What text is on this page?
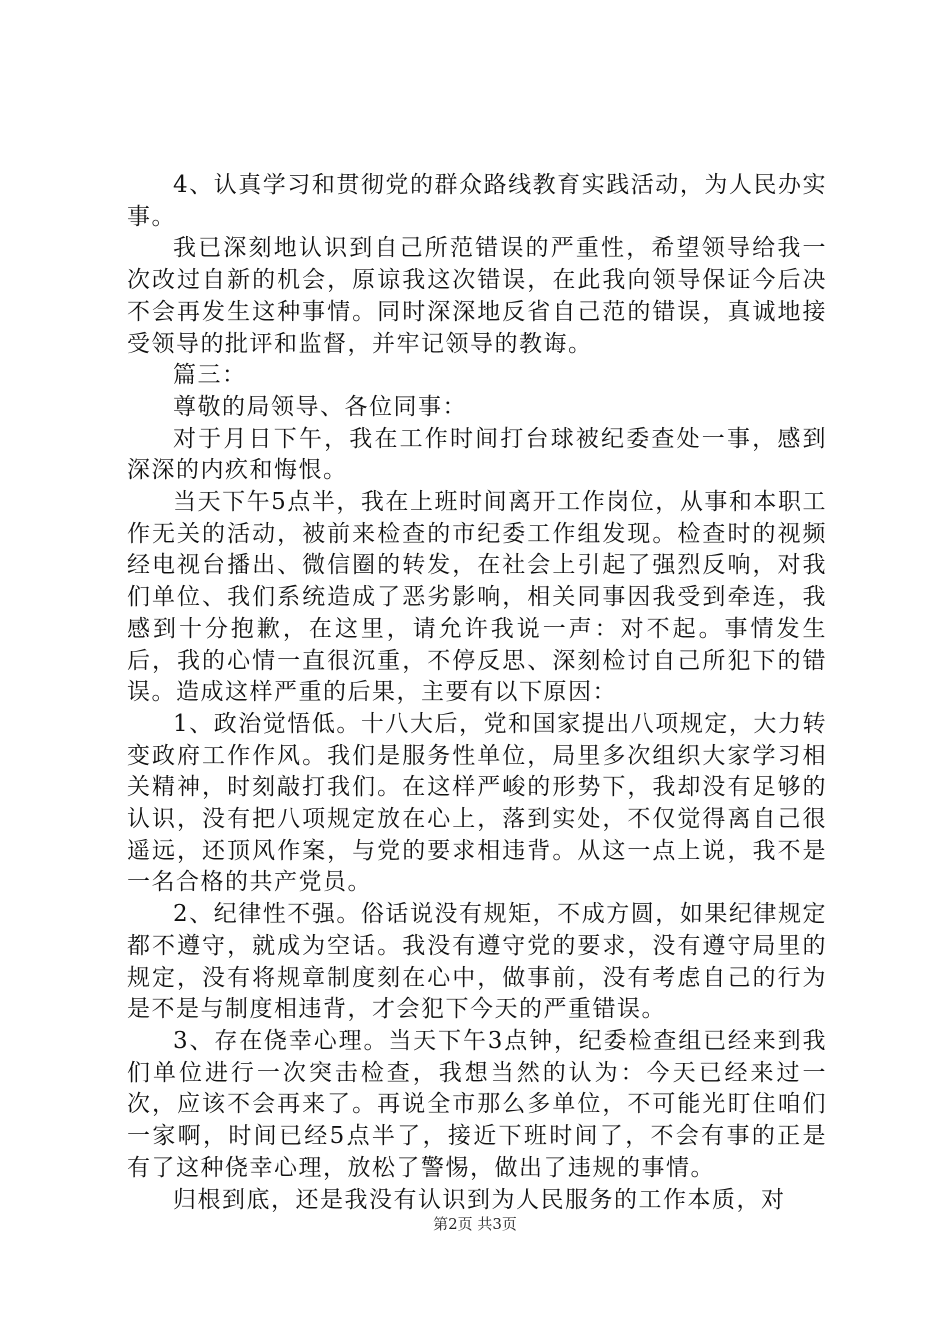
4、认真学习和贯彻党的群众路线教育实践活动，为人民办实事。

我已深刻地认识到自己所范错误的严重性，希望领导给我一次改过自新的机会，原谅我这次错误，在此我向领导保证今后决不会再发生这种事情。同时深深地反省自己范的错误，真诚地接受领导的批评和监督，并牢记领导的教诲。

篇三：

尊敬的局领导、各位同事：

对于月日下午，我在工作时间打台球被纪委查处一事，感到深深的内疚和悔恨。

当天下午5点半，我在上班时间离开工作岗位，从事和本职工作无关的活动，被前来检查的市纪委工作组发现。检查时的视频经电视台播出、微信圈的转发，在社会上引起了强烈反响，对我们单位、我们系统造成了恶劣影响，相关同事因我受到牵连，我感到十分抱歉，在这里，请允许我说一声：对不起。事情发生后，我的心情一直很沉重，不停反思、深刻检讨自己所犯下的错误。造成这样严重的后果，主要有以下原因：

1、政治觉悟低。十八大后，党和国家提出八项规定，大力转变政府工作作风。我们是服务性单位，局里多次组织大家学习相关精神，时刻敲打我们。在这样严峻的形势下，我却没有足够的认识，没有把八项规定放在心上，落到实处，不仅觉得离自己很遥远，还顶风作案，与党的要求相违背。从这一点上说，我不是一名合格的共产党员。

2、纪律性不强。俗话说没有规矩，不成方圆，如果纪律规定都不遵守，就成为空话。我没有遵守党的要求，没有遵守局里的规定，没有将规章制度刻在心中，做事前，没有考虑自己的行为是不是与制度相违背，才会犯下今天的严重错误。

3、存在侥幸心理。当天下午3点钟，纪委检查组已经来到我们单位进行一次突击检查，我想当然的认为：今天已经来过一次，应该不会再来了。再说全市那么多单位，不可能光盯住咱们一家啊，时间已经5点半了，接近下班时间了，不会有事的正是有了这种侥幸心理，放松了警惕，做出了违规的事情。

归根到底，还是我没有认识到为人民服务的工作本质，对

第2页 共3页
